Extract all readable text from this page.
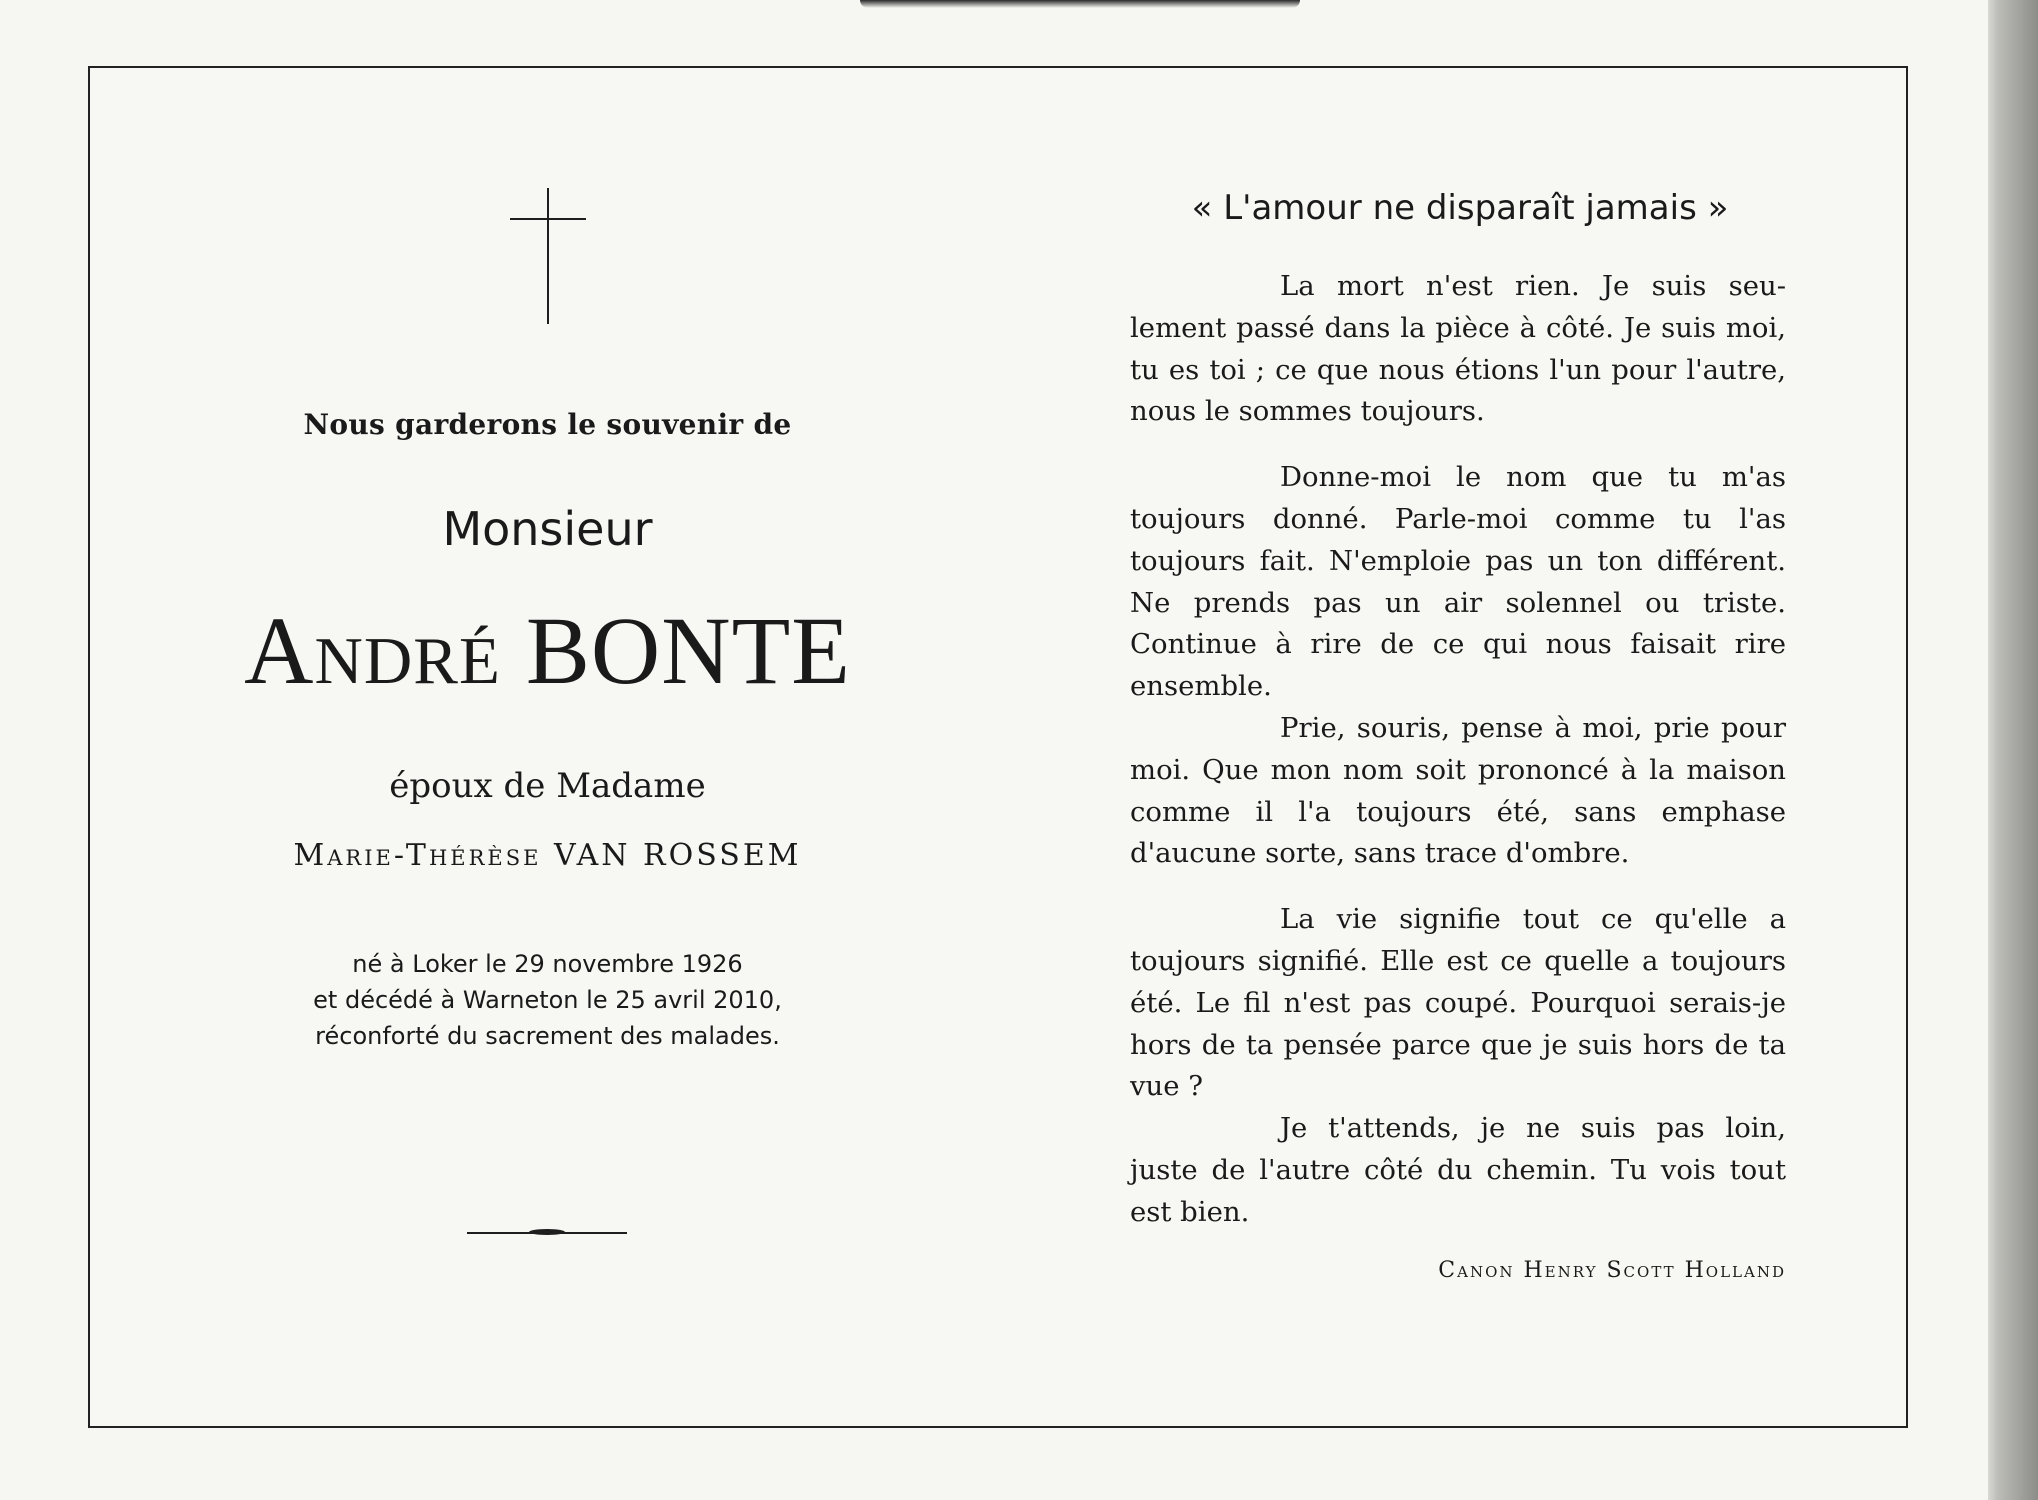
Nous garderons le souvenir de
Monsieur
André BONTE
époux de Madame
Marie-Thérèse VAN ROSSEM
né à Loker le 29 novembre 1926
et décédé à Warneton le 25 avril 2010,
réconforté du sacrement des malades.
« L'amour ne disparaît jamais »

La mort n'est rien. Je suis seulement passé dans la pièce à côté. Je suis moi, tu es toi ; ce que nous étions l'un pour l'autre, nous le sommes toujours.

Donne-moi le nom que tu m'as toujours donné. Parle-moi comme tu l'as toujours fait. N'emploie pas un ton différent. Ne prends pas un air solennel ou triste. Continue à rire de ce qui nous faisait rire ensemble.

Prie, souris, pense à moi, prie pour moi. Que mon nom soit prononcé à la maison comme il l'a toujours été, sans emphase d'aucune sorte, sans trace d'ombre.

La vie signifie tout ce qu'elle a toujours signifié. Elle est ce quelle a toujours été. Le fil n'est pas coupé. Pourquoi serais-je hors de ta pensée parce que je suis hors de ta vue ?

Je t'attends, je ne suis pas loin, juste de l'autre côté du chemin. Tu vois tout est bien.

Canon Henry Scott Holland
